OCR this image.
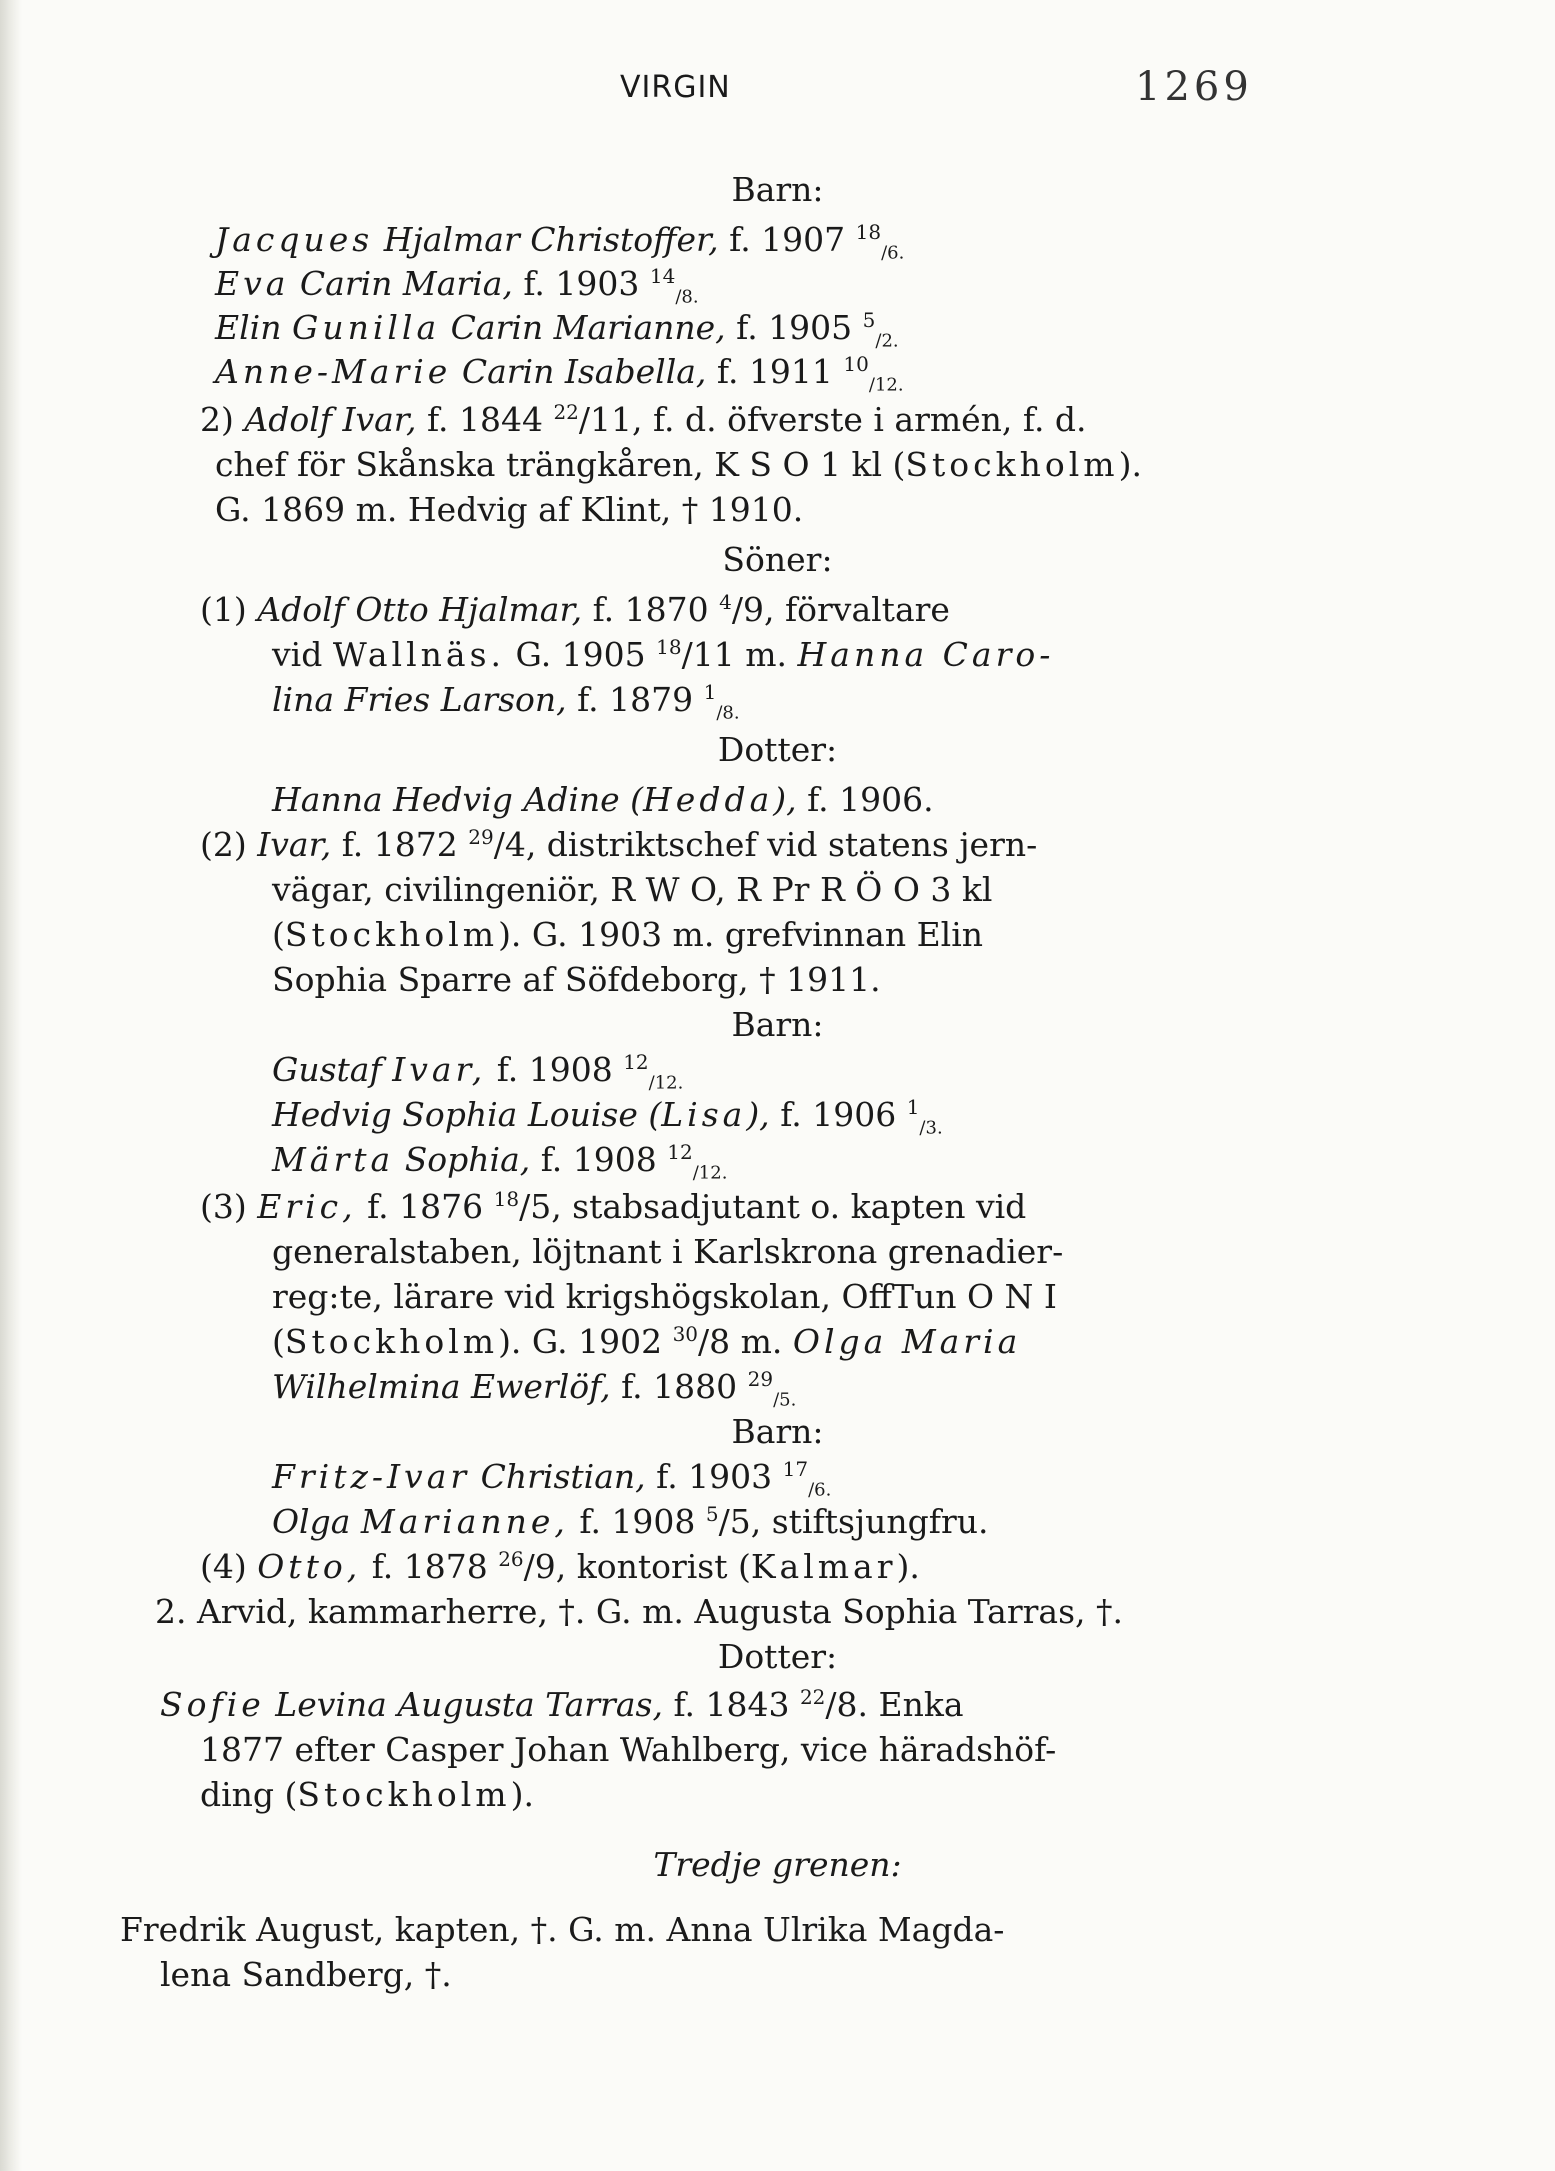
VIRGIN	1269
Barn:
Jacques Hjalmar Christoffer, f. 1907 $^{18}_{/6.}$
Eva Carin Maria, f. 1903 $^{14}_{/8.}$
Elin Gunilla Carin Marianne, f. 1905 $^5_{/2.}$
Anne-Marie Carin Isabella, f. 1911 $^{10}_{/12.}$
2) Adolf Ivar, f. 1844 $^{22}$/11, f. d. öfverste i armén, f. d.
chef för Skånska trängkåren, K S O 1 kl (Stockholm).
G. 1869 m. Hedvig af Klint, † 1910.
Söner:
(1) Adolf Otto Hjalmar, f. 1870 $^4$/9, förvaltare
vid Wallnäs. G. 1905 $^{18}$/11 m. Hanna Caro-
lina Fries Larson, f. 1879 $^1_{/8.}$
Dotter:
Hanna Hedvig Adine (Hedda), f. 1906.
(2) Ivar, f. 1872 $^{29}$/4, distriktschef vid statens jern-
vägar, civilingeniör, R W O, R Pr R Ö O 3 kl
(Stockholm). G. 1903 m. grefvinnan Elin
Sophia Sparre af Söfdeborg, † 1911.
Barn:
Gustaf Ivar, f. 1908 $^{12}_{/12.}$
Hedvig Sophia Louise (Lisa), f. 1906 $^1_{/3.}$
Märta Sophia, f. 1908 $^{12}_{/12.}$
(3) Eric, f. 1876 $^{18}$/5, stabsadjutant o. kapten vid
generalstaben, löjtnant i Karlskrona grenadier-
reg:te, lärare vid krigshögskolan, OffTun O N I
(Stockholm). G. 1902 $^{30}$/8 m. Olga Maria
Wilhelmina Ewerlöf, f. 1880 $^{29}_{/5.}$
Barn:
Fritz-Ivar Christian, f. 1903 $^{17}_{/6.}$
Olga Marianne, f. 1908 $^5$/5, stiftsjungfru.
(4) Otto, f. 1878 $^{26}$/9, kontorist (Kalmar).
2. Arvid, kammarherre, †. G. m. Augusta Sophia Tarras, †.
Dotter:
Sofie Levina Augusta Tarras, f. 1843 $^{22}$/8. Enka
1877 efter Casper Johan Wahlberg, vice häradshöf-
ding (Stockholm).
Tredje grenen:
Fredrik August, kapten, †. G. m. Anna Ulrika Magda-
lena Sandberg, †.
